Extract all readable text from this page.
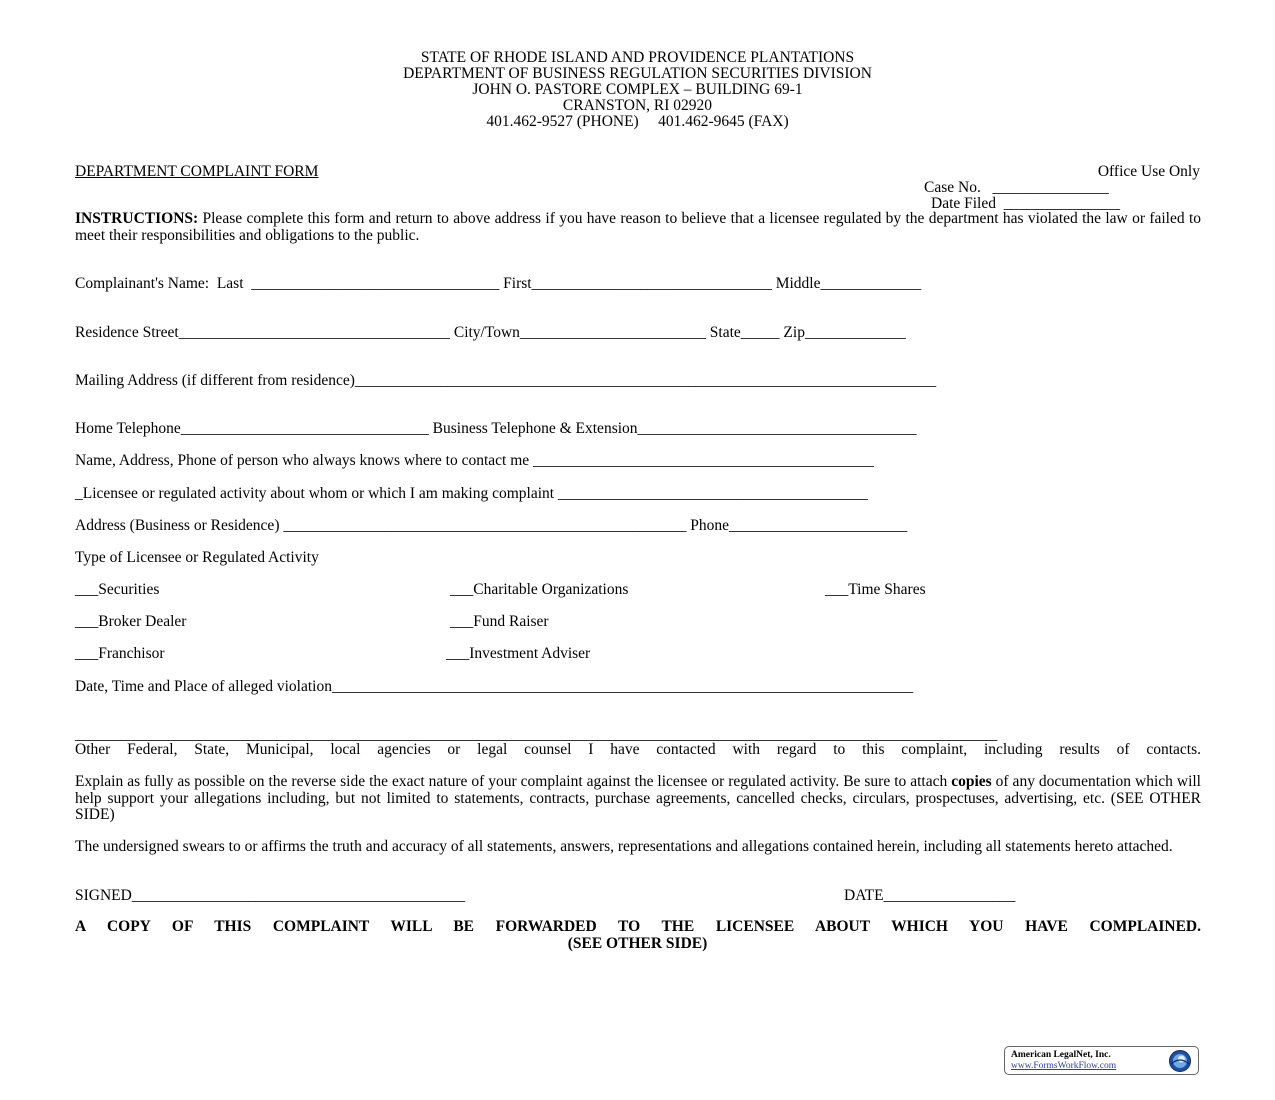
STATE OF RHODE ISLAND AND PROVIDENCE PLANTATIONS
DEPARTMENT OF BUSINESS REGULATION SECURITIES DIVISION
JOHN O. PASTORE COMPLEX – BUILDING 69-1
CRANSTON, RI 02920
401.462-9527 (PHONE)     401.462-9645 (FAX)
DEPARTMENT COMPLAINT FORM	Office Use Only
Case No.   _______________
Date Filed  _______________
INSTRUCTIONS: Please complete this form and return to above address if you have reason to believe that a licensee regulated by the department has violated the law or failed to meet their responsibilities and obligations to the public.
Complainant's Name:  Last  ________________________________ First_______________________________ Middle_____________
Residence Street___________________________________ City/Town________________________ State_____ Zip_____________
Mailing Address (if different from residence)___________________________________________________________________________
Home Telephone________________________________ Business Telephone & Extension____________________________________
Name, Address, Phone of person who always knows where to contact me ____________________________________________
_Licensee or regulated activity about whom or which I am making complaint ________________________________________
Address (Business or Residence) ____________________________________________________ Phone_______________________
Type of Licensee or Regulated Activity
___Securities	___Charitable Organizations	___Time Shares
___Broker Dealer	___Fund Raiser
___Franchisor	___Investment Adviser
Date, Time and Place of alleged violation___________________________________________________________________________
_______________________________________________________________________________________________________________________
Other Federal, State, Municipal, local agencies or legal counsel I have contacted with regard to this complaint, including results of contacts.
Explain as fully as possible on the reverse side the exact nature of your complaint against the licensee or regulated activity. Be sure to attach copies of any documentation which will help support your allegations including, but not limited to statements, contracts, purchase agreements, cancelled checks, circulars, prospectuses, advertising, etc. (SEE OTHER SIDE)
The undersigned swears to or affirms the truth and accuracy of all statements, answers, representations and allegations contained herein, including all statements hereto attached.
SIGNED___________________________________________	DATE_________________
A COPY OF THIS COMPLAINT WILL BE FORWARDED TO THE LICENSEE ABOUT WHICH YOU HAVE COMPLAINED.
(SEE OTHER SIDE)
American LegalNet, Inc.
www.FormsWorkFlow.com
